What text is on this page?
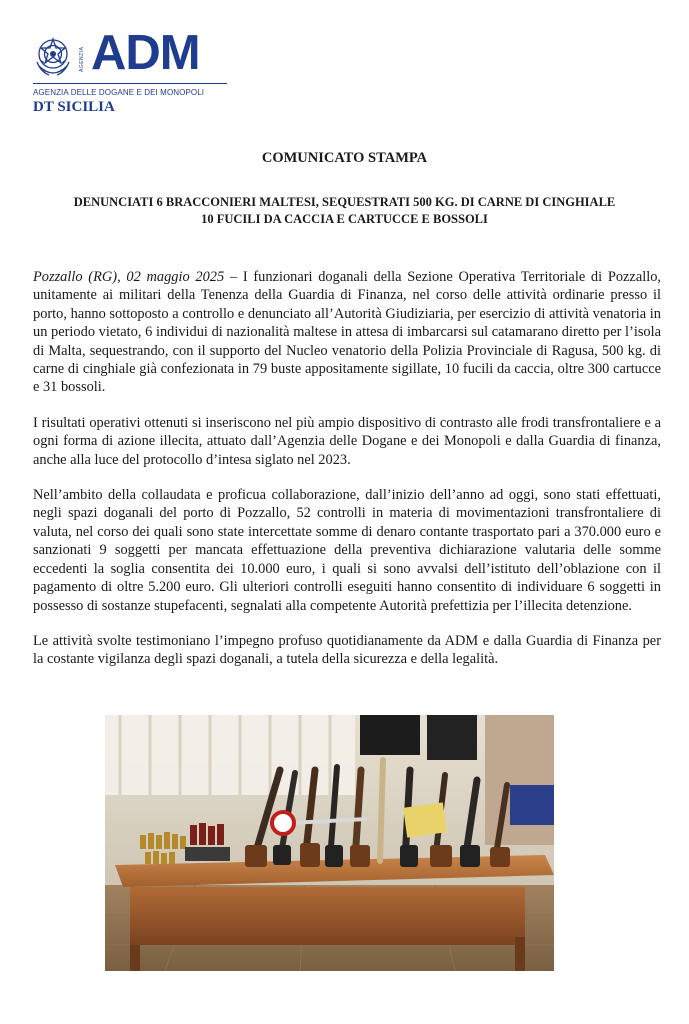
AGENZIA ADM
AGENZIA DELLE DOGANE E DEI MONOPOLI
DT SICILIA
COMUNICATO STAMPA
DENUNCIATI 6 BRACCONIERI MALTESI, SEQUESTRATI 500 KG. DI CARNE DI CINGHIALE
10 FUCILI DA CACCIA E CARTUCCE E BOSSOLI

Pozzallo (RG), 02 maggio 2025 – I funzionari doganali della Sezione Operativa Territoriale di Pozzallo, unitamente ai militari della Tenenza della Guardia di Finanza, nel corso delle attività ordinarie presso il porto, hanno sottoposto a controllo e denunciato all’Autorità Giudiziaria, per esercizio di attività venatoria in un periodo vietato, 6 individui di nazionalità maltese in attesa di imbarcarsi sul catamarano diretto per l’isola di Malta, sequestrando, con il supporto del Nucleo venatorio della Polizia Provinciale di Ragusa, 500 kg. di carne di cinghiale già confezionata in 79 buste appositamente sigillate, 10 fucili da caccia, oltre 300 cartucce e 31 bossoli.

I risultati operativi ottenuti si inseriscono nel più ampio dispositivo di contrasto alle frodi transfrontaliere e a ogni forma di azione illecita, attuato dall’Agenzia delle Dogane e dei Monopoli e dalla Guardia di finanza, anche alla luce del protocollo d’intesa siglato nel 2023.

Nell’ambito della collaudata e proficua collaborazione, dall’inizio dell’anno ad oggi, sono stati effettuati, negli spazi doganali del porto di Pozzallo, 52 controlli in materia di movimentazioni transfrontaliere di valuta, nel corso dei quali sono state intercettate somme di denaro contante trasportato pari a 370.000 euro e sanzionati 9 soggetti per mancata effettuazione della preventiva dichiarazione valutaria delle somme eccedenti la soglia consentita dei 10.000 euro, i quali si sono avvalsi dell’istituto dell’oblazione con il pagamento di oltre 5.200 euro. Gli ulteriori controlli eseguiti hanno consentito di individuare 6 soggetti in possesso di sostanze stupefacenti, segnalati alla competente Autorità prefettizia per l’illecita detenzione.

Le attività svolte testimoniano l’impegno profuso quotidianamente da ADM e dalla Guardia di Finanza per la costante vigilanza degli spazi doganali, a tutela della sicurezza e della legalità.
